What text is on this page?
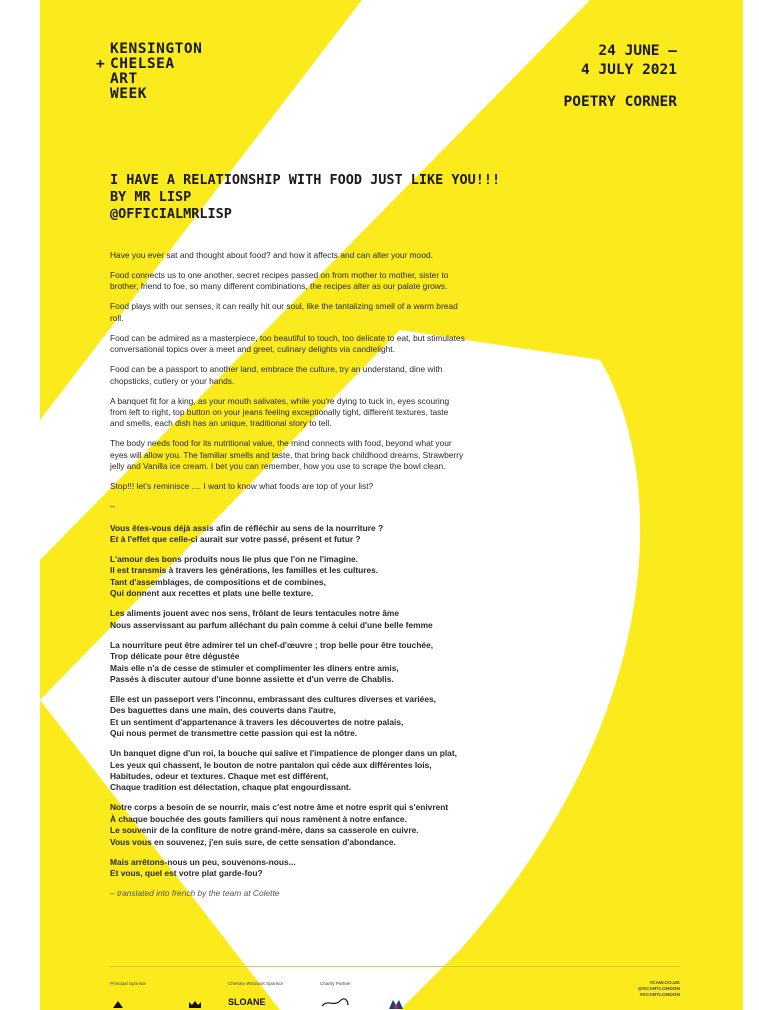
+
KENSINGTON
CHELSEA
ART
WEEK
24 JUNE –
4 JULY 2021
POETRY CORNER
I HAVE A RELATIONSHIP WITH FOOD JUST LIKE YOU!!!
BY MR LISP
@OFFICIALMRLISP

Have you ever sat and thought about food? and how it affects and can alter your mood.

Food connects us to one another, secret recipes passed on from mother to mother, sister to
brother, friend to foe, so many different combinations, the recipes alter as our palate grows.

Food plays with our senses, it can really hit our soul, like the tantalizing smell of a warm bread
roll.

Food can be admired as a masterpiece, too beautiful to touch, too delicate to eat, but stimulates
conversational topics over a meet and greet, culinary delights via candlelight.

Food can be a passport to another land, embrace the culture, try an understand, dine with
chopsticks, cutlery or your hands.

A banquet fit for a king, as your mouth salivates, while you're dying to tuck in, eyes scouring
from left to right, top button on your jeans feeling exceptionally tight, different textures, taste
and smells, each dish has an unique, traditional story to tell.

The body needs food for its nutritional value, the mind connects with food, beyond what your
eyes will allow you. The familiar smells and taste, that bring back childhood dreams, Strawberry
jelly and Vanilla ice cream. I bet you can remember, how you use to scrape the bowl clean.

Stop!!! let's reminisce .... I want to know what foods are top of your list?

–

Vous êtes-vous déjà assis afin de réfléchir au sens de la nourriture ?
Et à l'effet que celle-ci aurait sur votre passé, présent et futur ?

L'amour des bons produits nous lie plus que l'on ne l'imagine.
Il est transmis à travers les générations, les familles et les cultures.
Tant d'assemblages, de compositions et de combines,
Qui donnent aux recettes et plats une belle texture.

Les aliments jouent avec nos sens, frôlant de leurs tentacules notre âme
Nous asservissant au parfum alléchant du pain comme à celui d'une belle femme

La nourriture peut être admirer tel un chef-d'œuvre ; trop belle pour être touchée,
Trop délicate pour être dégustée
Mais elle n'a de cesse de stimuler et complimenter les diners entre amis,
Passés à discuter autour d'une bonne assiette et d'un verre de Chablis.

Elle est un passeport vers l'inconnu, embrassant des cultures diverses et variées,
Des baguettes dans une main, des couverts dans l'autre,
Et un sentiment d'appartenance à travers les découvertes de notre palais,
Qui nous permet de transmettre cette passion qui est la nôtre.

Un banquet digne d'un roi, la bouche qui salive et l'impatience de plonger dans un plat,
Les yeux qui chassent, le bouton de notre pantalon qui cède aux différentes lois,
Habitudes, odeur et textures. Chaque met est différent,
Chaque tradition est délectation, chaque plat engourdissant.

Notre corps a besoin de se nourrir, mais c'est notre âme et notre esprit qui s'enivrent
À chaque bouchée des gouts familiers qui nous ramènent à notre enfance.
Le souvenir de la confiture de notre grand-mère, dans sa casserole en cuivre.
Vous vous en souvenez, j'en suis sure, de cette sensation d'abondance.

Mais arrêtons-nous un peu, souvenons-nous...
Et vous, quel est votre plat garde-fou?

– translated into french by the team at Colette

Principal Sponsor	Chelsea Windows Sponsor	Charity Partner
SLOANE
#CAW.CO.UK
@KCARTLONDON
#KCARTLONDON
